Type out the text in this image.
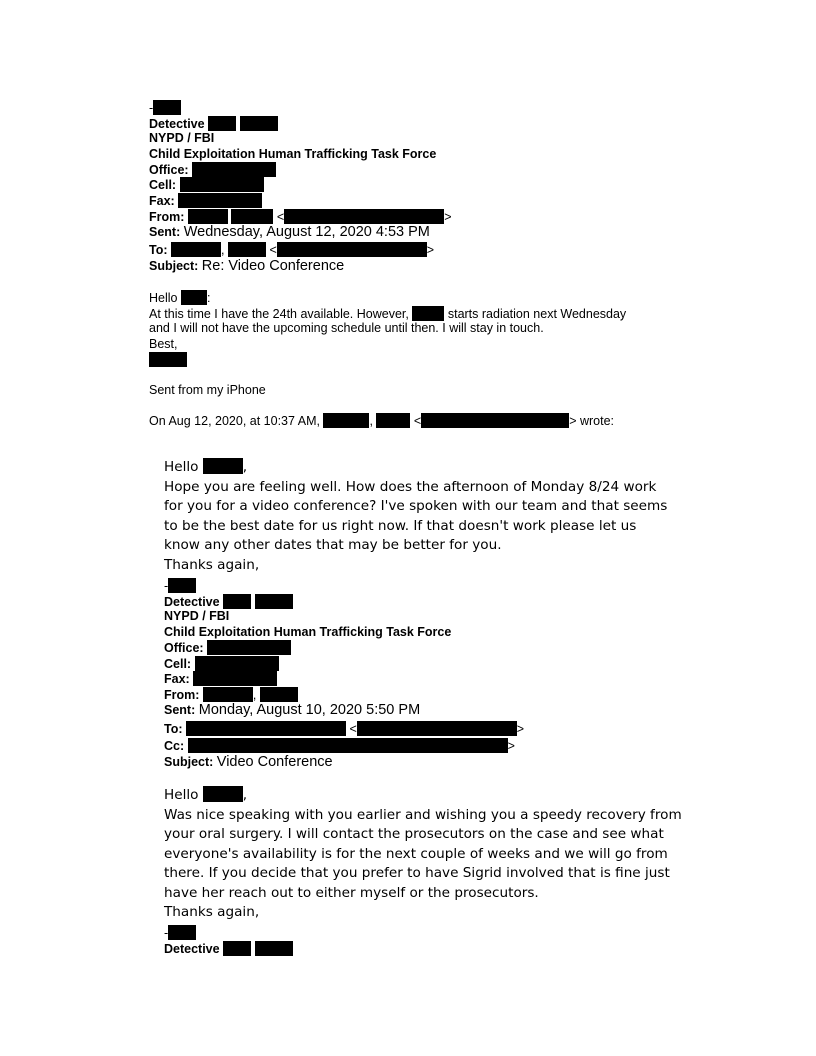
-
Detective
NYPD / FBI
Child Exploitation Human Trafficking Task Force
Office:
Cell:
Fax:
From:	<	>
Sent: Wednesday, August 12, 2020 4:53 PM
To:	,	<	>
Subject: Re: Video Conference
Hello :
At this time I have the 24th available. However,	starts radiation next Wednesday
and I will not have the upcoming schedule until then. I will stay in touch.
Best,
Sent from my iPhone
On Aug 12, 2020, at 10:37 AM,	,	<	> wrote:
Hello	,
Hope you are feeling well. How does the afternoon of Monday 8/24 work
for you for a video conference? I've spoken with our team and that seems
to be the best date for us right now. If that doesn't work please let us
know any other dates that may be better for you.
Thanks again,
-
Detective
NYPD / FBI
Child Exploitation Human Trafficking Task Force
Office:
Cell:
Fax:
From:	,
Sent: Monday, August 10, 2020 5:50 PM
To:	<	>
Cc:	>
Subject: Video Conference
Hello	,
Was nice speaking with you earlier and wishing you a speedy recovery from
your oral surgery. I will contact the prosecutors on the case and see what
everyone's availability is for the next couple of weeks and we will go from
there. If you decide that you prefer to have Sigrid involved that is fine just
have her reach out to either myself or the prosecutors.
Thanks again,
-
Detective
